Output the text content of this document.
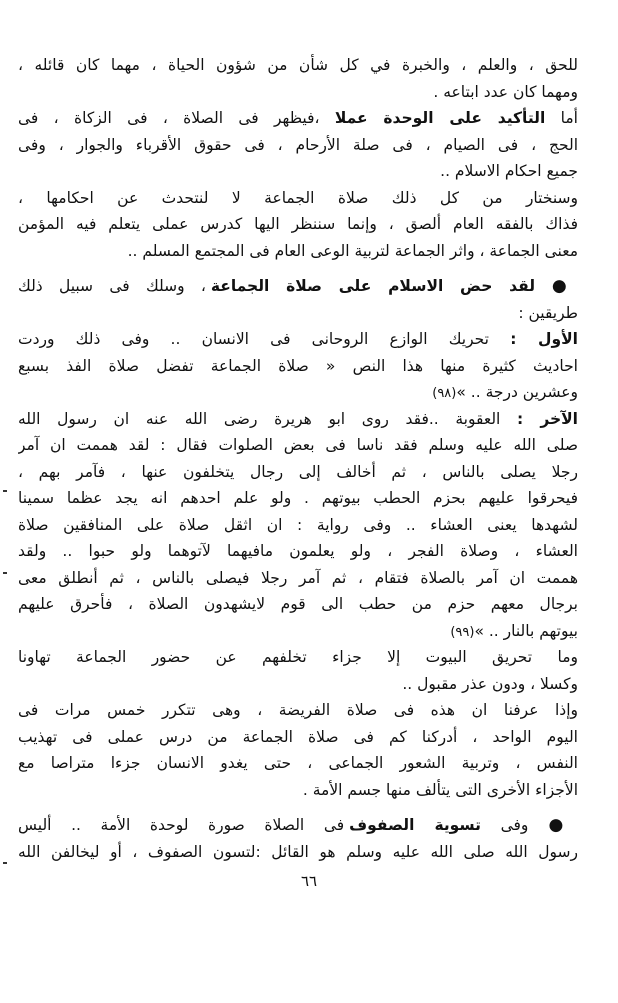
للحق ، والعلم ، والخبرة في كل شأن من شؤون الحياة ، مهما كان قائله ،
ومهما كان عدد ابتاعه .
أما التأكيد على الوحدة عملا ،فيظهر فى الصلاة ، فى الزكاة ، فى
الحج ، فى الصيام ، فى صلة الأرحام ، فى حقوق الأقرباء والجوار ، وفى
جميع احكام الاسلام ..
وسنختار من كل ذلك صلاة الجماعة لا لنتحدث عن احكامها ،
فذاك بالفقه العام ألصق ، وإنما سننظر اليها كدرس عملى يتعلم فيه المؤمن
معنى الجماعة ، واثر الجماعة لتربية الوعى العام فى المجتمع المسلم ..
● لقد حض الاسلام على صلاة الجماعة ، وسلك فى سبيل ذلك
طريقين :
الأول : تحريك الوازع الروحانى فى الانسان .. وفى ذلك وردت
احاديث كثيرة منها هذا النص « صلاة الجماعة تفضل صلاة الفذ بسبع
وعشرين درجة .. »(٩٨)
الآخر : العقوبة ..فقد روى ابو هريرة رضى الله عنه ان رسول الله
صلى الله عليه وسلم فقد ناسا فى بعض الصلوات فقال : لقد هممت ان آمر
رجلا يصلى بالناس ، ثم أخالف إلى رجال يتخلفون عنها ، فآمر بهم ،
فيحرقوا عليهم بحزم الحطب بيوتهم . ولو علم احدهم انه يجد عظما سمينا
لشهدها يعنى العشاء .. وفى رواية : ان اثقل صلاة على المنافقين صلاة
العشاء ، وصلاة الفجر ، ولو يعلمون مافيهما لآتوهما ولو حبوا .. ولقد
هممت ان آمر بالصلاة فتقام ، ثم آمر رجلا فيصلى بالناس ، ثم أنطلق معى
برجال معهم حزم من حطب الى قوم لايشهدون الصلاة ، فأحرق عليهم
بيوتهم بالنار .. »(٩٩)
وما تحريق البيوت إلا جزاء تخلفهم عن حضور الجماعة تهاونا
وكسلا ، ودون عذر مقبول ..
وإذا عرفنا ان هذه فى صلاة الفريضة ، وهى تتكرر خمس مرات فى
اليوم الواحد ، أدركنا كم فى صلاة الجماعة من درس عملى فى تهذيب
النفس ، وتربية الشعور الجماعى ، حتى يغدو الانسان جزءا متراصا مع
الأجزاء الأخرى التى يتألف منها جسم الأمة .
● وفى تسوية الصفوف فى الصلاة صورة لوحدة الأمة .. أليس
رسول الله صلى الله عليه وسلم هو القائل :لتسون الصفوف ، أو ليخالفن الله
٦٦
